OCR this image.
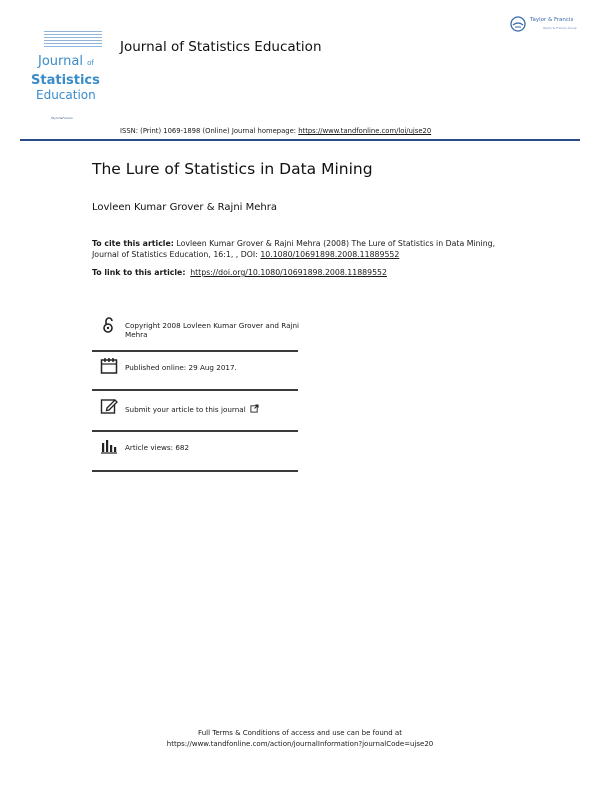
Journal of
Statistics
Education
Taylor&Francis
Journal of Statistics Education
Taylor & Francis
Taylor & Francis Group
ISSN: (Print) 1069-1898 (Online) Journal homepage: https://www.tandfonline.com/loi/ujse20
The Lure of Statistics in Data Mining
Lovleen Kumar Grover & Rajni Mehra
To cite this article: Lovleen Kumar Grover & Rajni Mehra (2008) The Lure of Statistics in Data Mining, Journal of Statistics Education, 16:1, , DOI: 10.1080/10691898.2008.11889552
To link to this article: https://doi.org/10.1080/10691898.2008.11889552
Copyright 2008 Lovleen Kumar Grover and Rajni Mehra
Published online: 29 Aug 2017.
Submit your article to this journal
Article views: 682
Full Terms & Conditions of access and use can be found at
https://www.tandfonline.com/action/journalInformation?journalCode=ujse20
